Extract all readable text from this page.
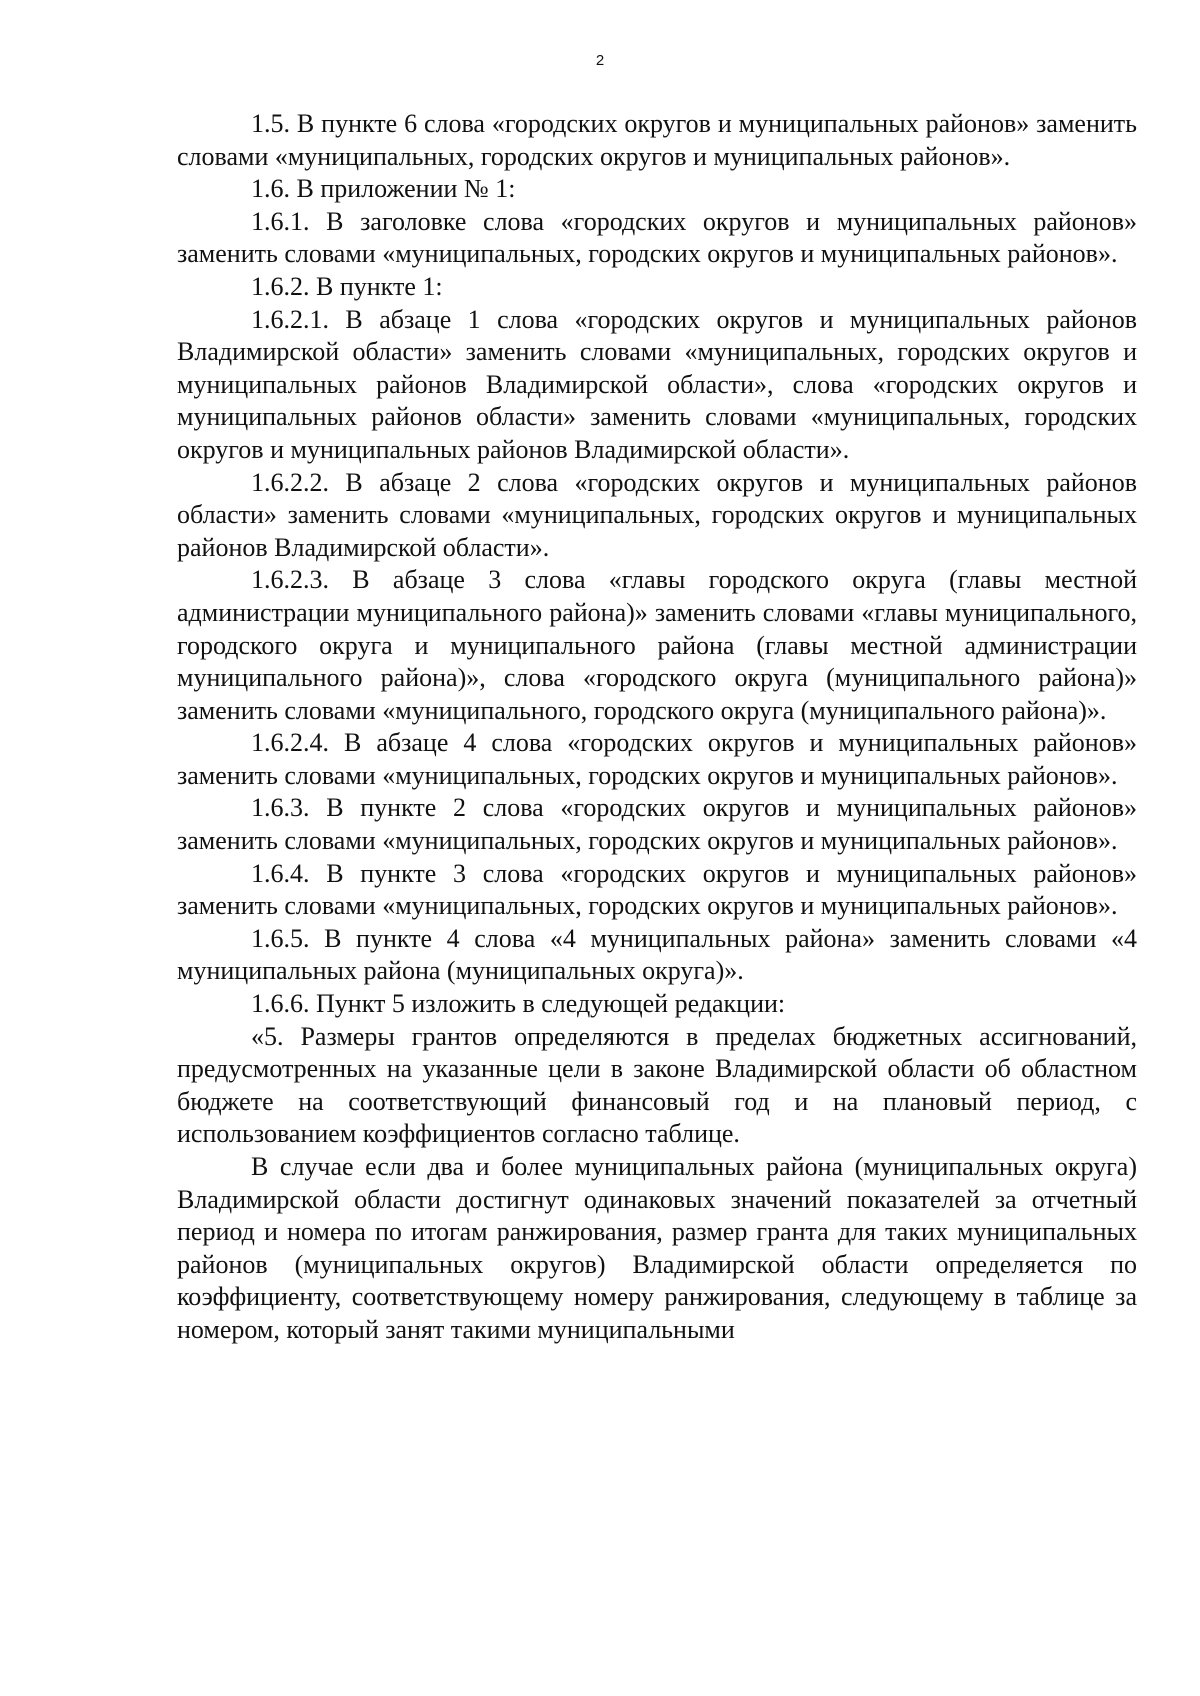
2

1.5. В пункте 6 слова «городских округов и муниципальных районов» заменить словами «муниципальных, городских округов и муниципальных районов».

1.6. В приложении № 1:

1.6.1. В заголовке слова «городских округов и муниципальных районов» заменить словами «муниципальных, городских округов и муниципальных районов».

1.6.2. В пункте 1:

1.6.2.1. В абзаце 1 слова «городских округов и муниципальных районов Владимирской области» заменить словами «муниципальных, городских округов и муниципальных районов Владимирской области», слова «городских округов и муниципальных районов области» заменить словами «муниципальных, городских округов и муниципальных районов Владимирской области».

1.6.2.2. В абзаце 2 слова «городских округов и муниципальных районов области» заменить словами «муниципальных, городских округов и муниципальных районов Владимирской области».

1.6.2.3. В абзаце 3 слова «главы городского округа (главы местной администрации муниципального района)» заменить словами «главы муниципального, городского округа и муниципального района (главы местной администрации муниципального района)», слова «городского округа (муниципального района)» заменить словами «муниципального, городского округа (муниципального района)».

1.6.2.4. В абзаце 4 слова «городских округов и муниципальных районов» заменить словами «муниципальных, городских округов и муниципальных районов».

1.6.3. В пункте 2 слова «городских округов и муниципальных районов» заменить словами «муниципальных, городских округов и муниципальных районов».

1.6.4. В пункте 3 слова «городских округов и муниципальных районов» заменить словами «муниципальных, городских округов и муниципальных районов».

1.6.5. В пункте 4 слова «4 муниципальных района» заменить словами «4 муниципальных района (муниципальных округа)».

1.6.6. Пункт 5 изложить в следующей редакции:

«5. Размеры грантов определяются в пределах бюджетных ассигнований, предусмотренных на указанные цели в законе Владимирской области об областном бюджете на соответствующий финансовый год и на плановый период, с использованием коэффициентов согласно таблице.

В случае если два и более муниципальных района (муниципальных округа) Владимирской области достигнут одинаковых значений показателей за отчетный период и номера по итогам ранжирования, размер гранта для таких муниципальных районов (муниципальных округов) Владимирской области определяется по коэффициенту, соответствующему номеру ранжирования, следующему в таблице за номером, который занят такими муниципальными
